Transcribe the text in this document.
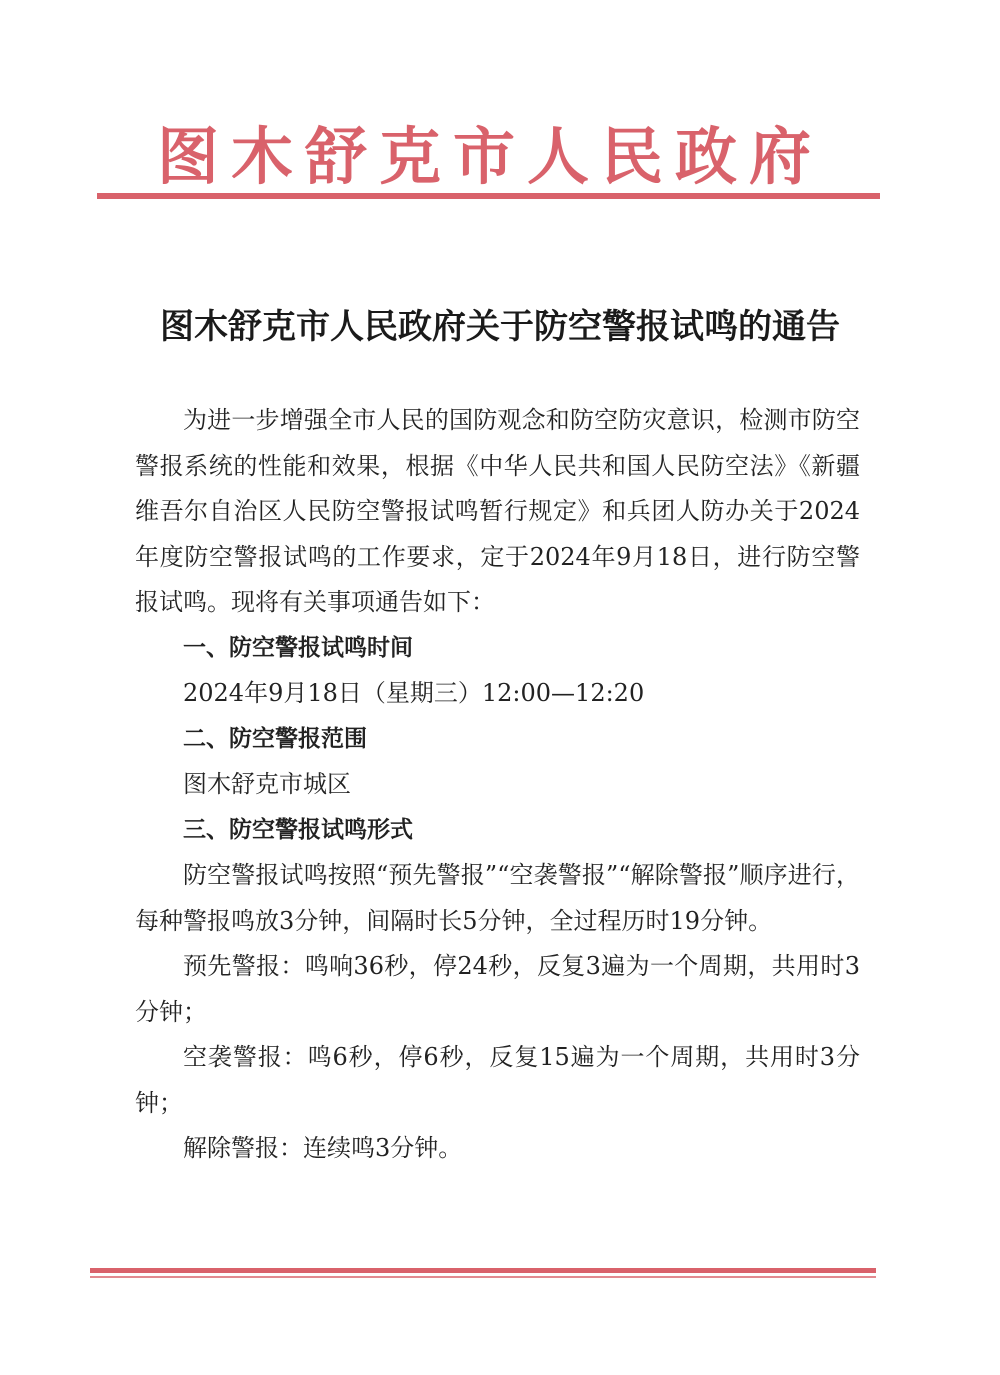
图木舒克市人民政府
图木舒克市人民政府关于防空警报试鸣的通告

为进一步增强全市人民的国防观念和防空防灾意识，检测市防空警报系统的性能和效果，根据《中华人民共和国人民防空法》《新疆维吾尔自治区人民防空警报试鸣暂行规定》和兵团人防办关于2024年度防空警报试鸣的工作要求，定于2024年9月18日，进行防空警报试鸣。现将有关事项通告如下：

一、防空警报试鸣时间

2024年9月18日（星期三）12:00—12:20

二、防空警报范围

图木舒克市城区

三、防空警报试鸣形式

防空警报试鸣按照“预先警报”“空袭警报”“解除警报”顺序进行，每种警报鸣放3分钟，间隔时长5分钟，全过程历时19分钟。

预先警报：鸣响36秒，停24秒，反复3遍为一个周期，共用时3分钟；

空袭警报：鸣6秒，停6秒，反复15遍为一个周期，共用时3分钟；

解除警报：连续鸣3分钟。
